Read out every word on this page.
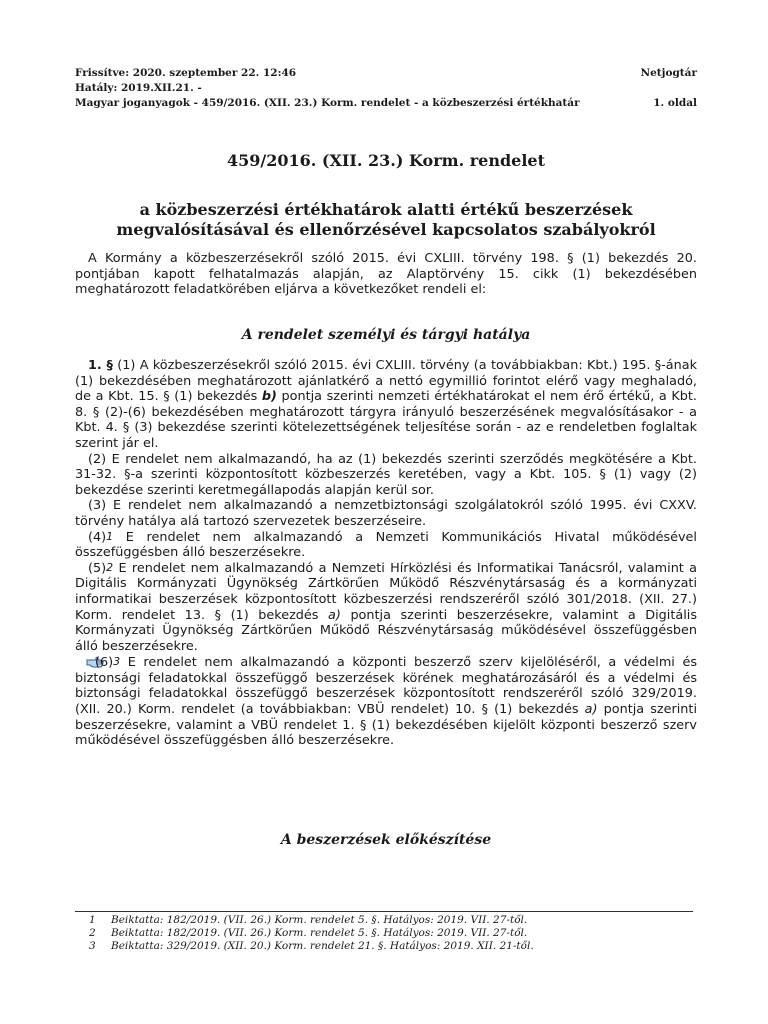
Frissítve: 2020. szeptember 22. 12:46	Netjogtár
Hatály: 2019.XII.21. -
Magyar joganyagok - 459/2016. (XII. 23.) Korm. rendelet - a közbeszerzési értékhatár	1. oldal
459/2016. (XII. 23.) Korm. rendelet
a közbeszerzési értékhatárok alatti értékű beszerzések
megvalósításával és ellenőrzésével kapcsolatos szabályokról

A Kormány a közbeszerzésekről szóló 2015. évi CXLIII. törvény 198. § (1) bekezdés 20. pontjában kapott felhatalmazás alapján, az Alaptörvény 15. cikk (1) bekezdésében meghatározott feladatkörében eljárva a következőket rendeli el:

A rendelet személyi és tárgyi hatálya

1. § (1) A közbeszerzésekről szóló 2015. évi CXLIII. törvény (a továbbiakban: Kbt.) 195. §-ának (1) bekezdésében meghatározott ajánlatkérő a nettó egymillió forintot elérő vagy meghaladó, de a Kbt. 15. § (1) bekezdés b) pontja szerinti nemzeti értékhatárokat el nem érő értékű, a Kbt. 8. § (2)-(6) bekezdésében meghatározott tárgyra irányuló beszerzésének megvalósításakor - a Kbt. 4. § (3) bekezdése szerinti kötelezettségének teljesítése során - az e rendeletben foglaltak szerint jár el.

(2) E rendelet nem alkalmazandó, ha az (1) bekezdés szerinti szerződés megkötésére a Kbt. 31-32. §-a szerinti központosított közbeszerzés keretében, vagy a Kbt. 105. § (1) vagy (2) bekezdése szerinti keretmegállapodás alapján kerül sor.

(3) E rendelet nem alkalmazandó a nemzetbiztonsági szolgálatokról szóló 1995. évi CXXV. törvény hatálya alá tartozó szervezetek beszerzéseire.

$(4)^1$ E rendelet nem alkalmazandó a Nemzeti Kommunikációs Hivatal működésével összefüggésben álló beszerzésekre.

$(5)^2$ E rendelet nem alkalmazandó a Nemzeti Hírközlési és Informatikai Tanácsról, valamint a Digitális Kormányzati Ügynökség Zártkörűen Működő Részvénytársaság és a kormányzati informatikai beszerzések központosított közbeszerzési rendszeréről szóló 301/2018. (XII. 27.) Korm. rendelet 13. § (1) bekezdés a) pontja szerinti beszerzésekre, valamint a Digitális Kormányzati Ügynökség Zártkörűen Működő Részvénytársaság működésével összefüggésben álló beszerzésekre.

$(6)^3$ E rendelet nem alkalmazandó a központi beszerző szerv kijelöléséről, a védelmi és biztonsági feladatokkal összefüggő beszerzések körének meghatározásáról és a védelmi és biztonsági feladatokkal összefüggő beszerzések központosított rendszeréről szóló 329/2019. (XII. 20.) Korm. rendelet (a továbbiakban: VBÜ rendelet) 10. § (1) bekezdés a) pontja szerinti beszerzésekre, valamint a VBÜ rendelet 1. § (1) bekezdésében kijelölt központi beszerző szerv működésével összefüggésben álló beszerzésekre.

A beszerzések előkészítése
1 Beiktatta: 182/2019. (VII. 26.) Korm. rendelet 5. §. Hatályos: 2019. VII. 27-től.
2 Beiktatta: 182/2019. (VII. 26.) Korm. rendelet 5. §. Hatályos: 2019. VII. 27-től.
3 Beiktatta: 329/2019. (XII. 20.) Korm. rendelet 21. §. Hatályos: 2019. XII. 21-től.
